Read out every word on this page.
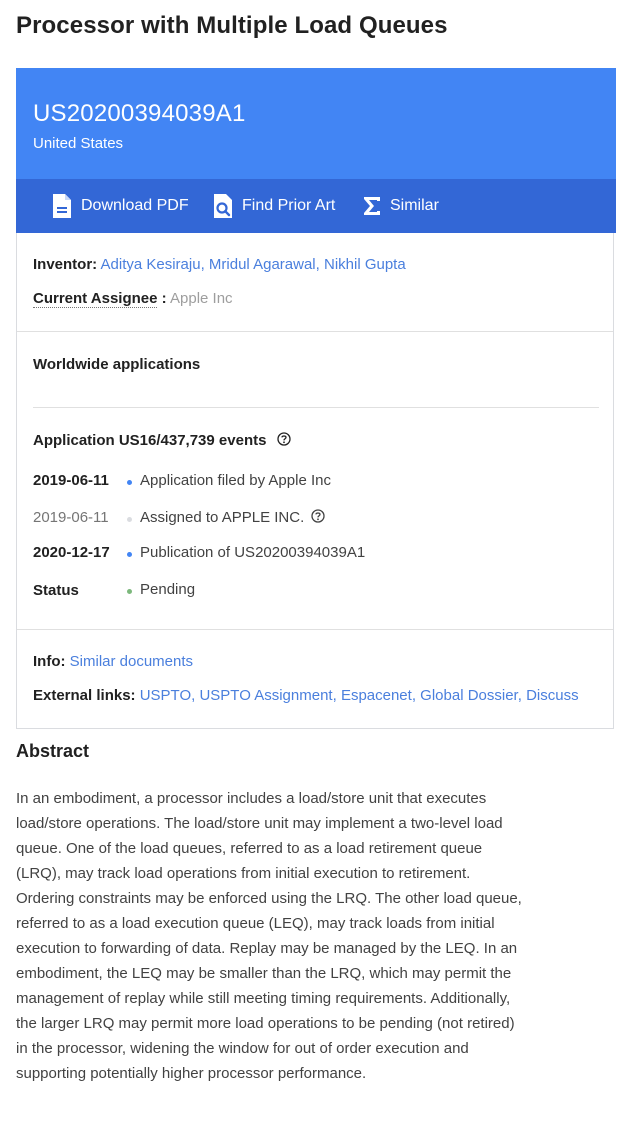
Processor with Multiple Load Queues
US20200394039A1
United States
Download PDF	Find Prior Art	Similar
Inventor: Aditya Kesiraju, Mridul Agarawal, Nikhil Gupta
Current Assignee : Apple Inc
Worldwide applications
Application US16/437,739 events
2019-06-11 Application filed by Apple Inc
2019-06-11 Assigned to APPLE INC.
2020-12-17 Publication of US20200394039A1
Status	Pending
Info: Similar documents
External links: USPTO, USPTO Assignment, Espacenet, Global Dossier, Discuss
Abstract
In an embodiment, a processor includes a load/store unit that executes load/store operations. The load/store unit may implement a two-level load queue. One of the load queues, referred to as a load retirement queue (LRQ), may track load operations from initial execution to retirement. Ordering constraints may be enforced using the LRQ. The other load queue, referred to as a load execution queue (LEQ), may track loads from initial execution to forwarding of data. Replay may be managed by the LEQ. In an embodiment, the LEQ may be smaller than the LRQ, which may permit the management of replay while still meeting timing requirements. Additionally, the larger LRQ may permit more load operations to be pending (not retired) in the processor, widening the window for out of order execution and supporting potentially higher processor performance.
